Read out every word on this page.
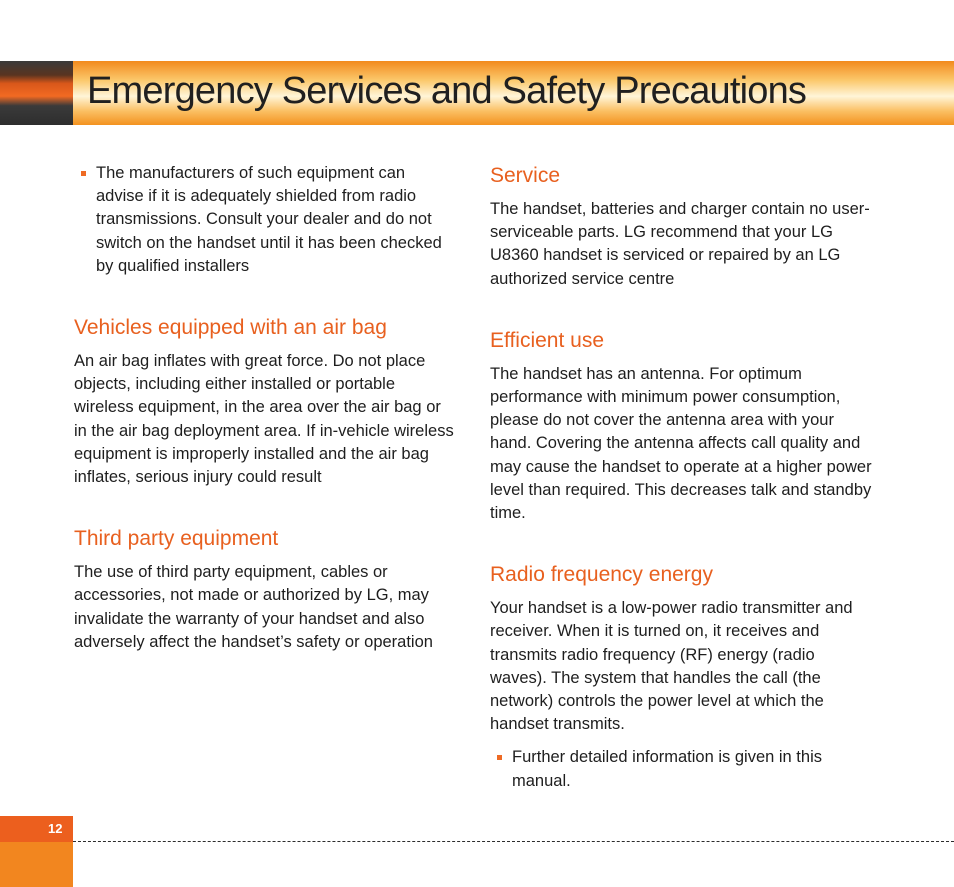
Emergency Services and Safety Precautions

The manufacturers of such equipment can advise if it is adequately shielded from radio transmissions. Consult your dealer and do not switch on the handset until it has been checked by qualified installers

Vehicles equipped with an air bag

An air bag inflates with great force. Do not place objects, including either installed or portable wireless equipment, in the area over the air bag or in the air bag deployment area. If in-vehicle wireless equipment is improperly installed and the air bag inflates, serious injury could result

Third party equipment

The use of third party equipment, cables or accessories, not made or authorized by LG, may invalidate the warranty of your handset and also adversely affect the handset’s safety or operation

Service

The handset, batteries and charger contain no user-serviceable parts. LG recommend that your LG U8360 handset is serviced or repaired by an LG authorized service centre

Efficient use

The handset has an antenna. For optimum performance with minimum power consumption, please do not cover the antenna area with your hand. Covering the antenna affects call quality and may cause the handset to operate at a higher power level than required. This decreases talk and standby time.

Radio frequency energy

Your handset is a low-power radio transmitter and receiver. When it is turned on, it receives and transmits radio frequency (RF) energy (radio waves). The system that handles the call (the network) controls the power level at which the handset transmits.

Further detailed information is given in this manual.

12
